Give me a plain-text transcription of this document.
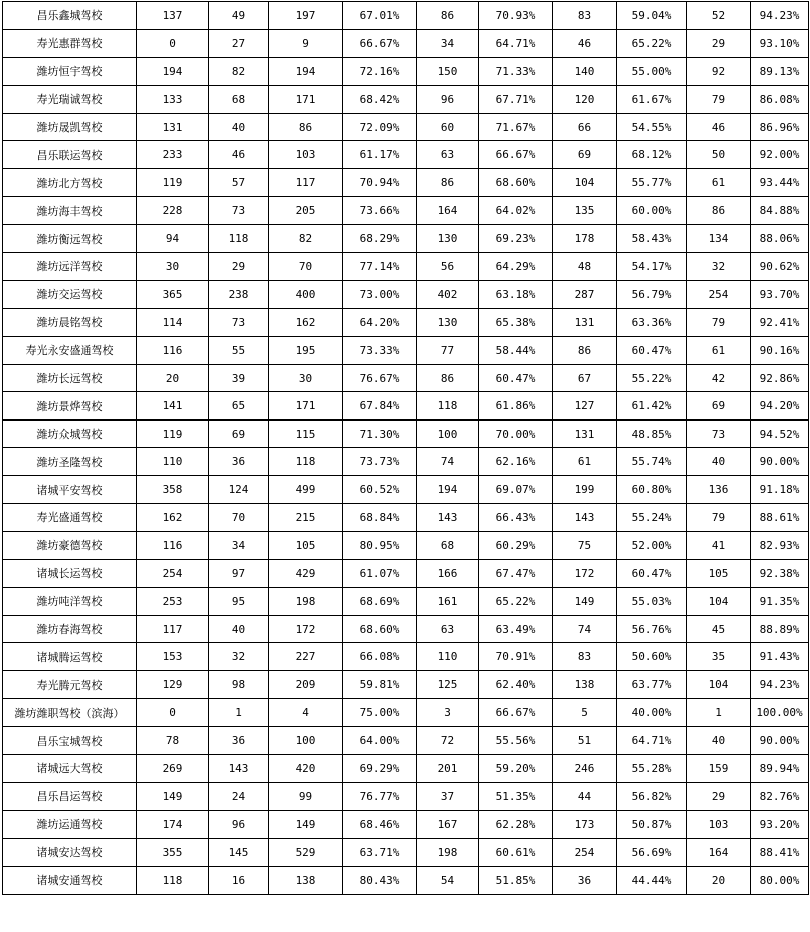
昌乐鑫城驾校	137	49	197	67.01%	86	70.93%	83	59.04%	52	94.23%
寿光惠群驾校	0	27	9	66.67%	34	64.71%	46	65.22%	29	93.10%
潍坊恒宇驾校	194	82	194	72.16%	150	71.33%	140	55.00%	92	89.13%
寿光瑞诚驾校	133	68	171	68.42%	96	67.71%	120	61.67%	79	86.08%
潍坊晟凯驾校	131	40	86	72.09%	60	71.67%	66	54.55%	46	86.96%
昌乐联运驾校	233	46	103	61.17%	63	66.67%	69	68.12%	50	92.00%
潍坊北方驾校	119	57	117	70.94%	86	68.60%	104	55.77%	61	93.44%
潍坊海丰驾校	228	73	205	73.66%	164	64.02%	135	60.00%	86	84.88%
潍坊衡远驾校	94	118	82	68.29%	130	69.23%	178	58.43%	134	88.06%
潍坊远洋驾校	30	29	70	77.14%	56	64.29%	48	54.17%	32	90.62%
潍坊交运驾校	365	238	400	73.00%	402	63.18%	287	56.79%	254	93.70%
潍坊晨铭驾校	114	73	162	64.20%	130	65.38%	131	63.36%	79	92.41%
寿光永安盛通驾校	116	55	195	73.33%	77	58.44%	86	60.47%	61	90.16%
潍坊长远驾校	20	39	30	76.67%	86	60.47%	67	55.22%	42	92.86%
潍坊景烨驾校	141	65	171	67.84%	118	61.86%	127	61.42%	69	94.20%
潍坊众城驾校	119	69	115	71.30%	100	70.00%	131	48.85%	73	94.52%
潍坊圣隆驾校	110	36	118	73.73%	74	62.16%	61	55.74%	40	90.00%
诸城平安驾校	358	124	499	60.52%	194	69.07%	199	60.80%	136	91.18%
寿光盛通驾校	162	70	215	68.84%	143	66.43%	143	55.24%	79	88.61%
潍坊豪德驾校	116	34	105	80.95%	68	60.29%	75	52.00%	41	82.93%
诸城长运驾校	254	97	429	61.07%	166	67.47%	172	60.47%	105	92.38%
潍坊吨洋驾校	253	95	198	68.69%	161	65.22%	149	55.03%	104	91.35%
潍坊春海驾校	117	40	172	68.60%	63	63.49%	74	56.76%	45	88.89%
诸城腾运驾校	153	32	227	66.08%	110	70.91%	83	50.60%	35	91.43%
寿光腾元驾校	129	98	209	59.81%	125	62.40%	138	63.77%	104	94.23%
潍坊潍职驾校（滨海）	0	1	4	75.00%	3	66.67%	5	40.00%	1	100.00%
昌乐宝城驾校	78	36	100	64.00%	72	55.56%	51	64.71%	40	90.00%
诸城远大驾校	269	143	420	69.29%	201	59.20%	246	55.28%	159	89.94%
昌乐昌运驾校	149	24	99	76.77%	37	51.35%	44	56.82%	29	82.76%
潍坊运通驾校	174	96	149	68.46%	167	62.28%	173	50.87%	103	93.20%
诸城安达驾校	355	145	529	63.71%	198	60.61%	254	56.69%	164	88.41%
诸城安通驾校	118	16	138	80.43%	54	51.85%	36	44.44%	20	80.00%
